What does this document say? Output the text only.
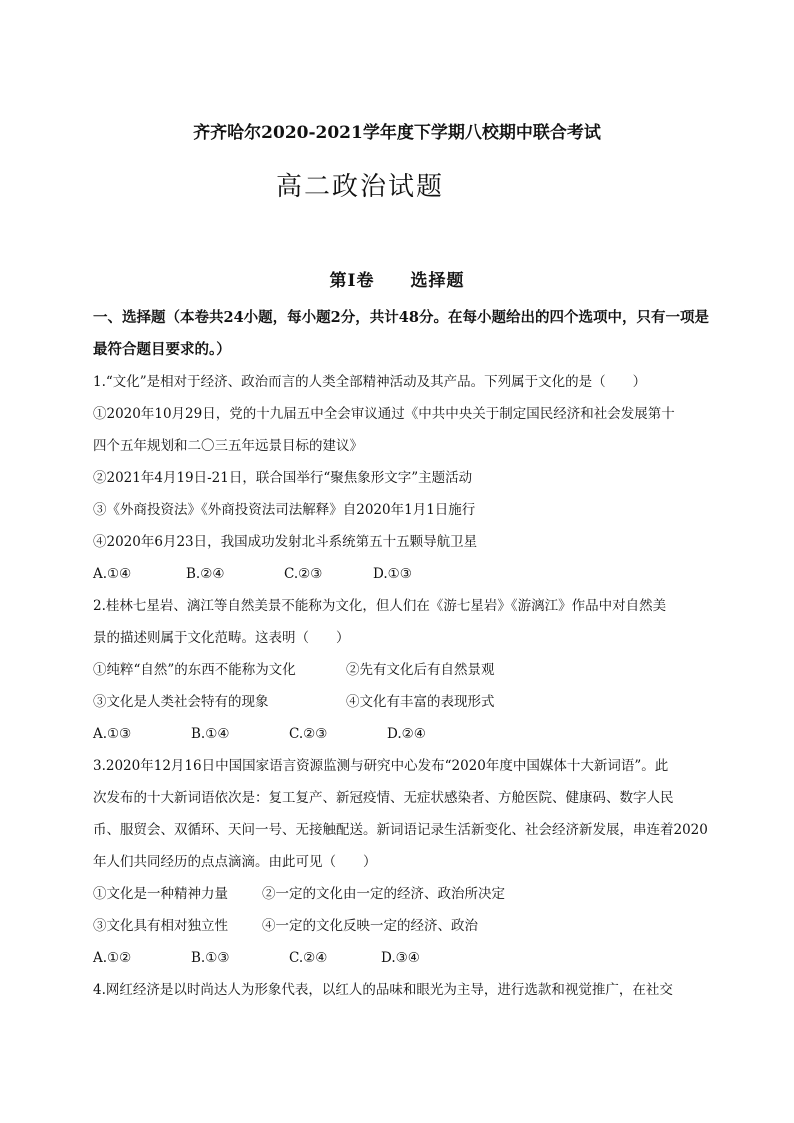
齐齐哈尔2020-2021学年度下学期八校期中联合考试
高二政治试题
第Ⅰ卷 选择题
一、选择题（本卷共24小题，每小题2分，共计48分。在每小题给出的四个选项中，只有一项是
最符合题目要求的。）
1.“文化”是相对于经济、政治而言的人类全部精神活动及其产品。下列属于文化的是（　　）
①2020年10月29日，党的十九届五中全会审议通过《中共中央关于制定国民经济和社会发展第十
四个五年规划和二〇三五年远景目标的建议》
②2021年4月19日-21日，联合国举行“聚焦象形文字”主题活动
③《外商投资法》《外商投资法司法解释》自2020年1月1日施行
④2020年6月23日，我国成功发射北斗系统第五十五颗导航卫星
A.①④	B.②④	C.②③	D.①③
2.桂林七星岩、漓江等自然美景不能称为文化，但人们在《游七星岩》《游漓江》作品中对自然美
景的描述则属于文化范畴。这表明（　　）
①纯粹“自然”的东西不能称为文化	②先有文化后有自然景观
③文化是人类社会特有的现象	④文化有丰富的表现形式
A.①③	B.①④	C.②③	D.②④
3.2020年12月16日中国国家语言资源监测与研究中心发布“2020年度中国媒体十大新词语”。此
次发布的十大新词语依次是：复工复产、新冠疫情、无症状感染者、方舱医院、健康码、数字人民
币、服贸会、双循环、天问一号、无接触配送。新词语记录生活新变化、社会经济新发展，串连着2020
年人们共同经历的点点滴滴。由此可见（　　）
①文化是一种精神力量	②一定的文化由一定的经济、政治所决定
③文化具有相对独立性	④一定的文化反映一定的经济、政治
A.①②	B.①③	C.②④	D.③④
4.网红经济是以时尚达人为形象代表，以红人的品味和眼光为主导，进行选款和视觉推广，在社交
